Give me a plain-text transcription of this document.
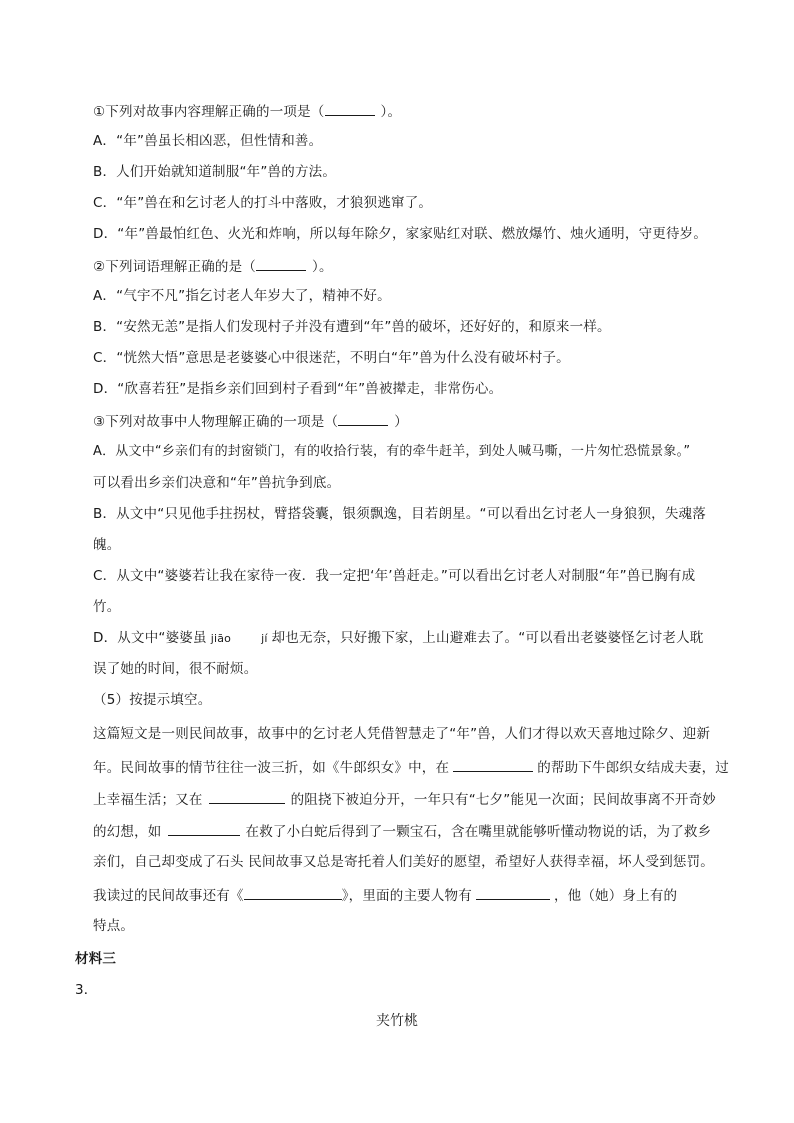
①下列对故事内容理解正确的一项是（	）。
A．“年”兽虽长相凶恶，但性情和善。
B．人们开始就知道制服“年”兽的方法。
C．“年”兽在和乞讨老人的打斗中落败，才狼狈逃窜了。
D．“年”兽最怕红色、火光和炸响，所以每年除夕，家家贴红对联、燃放爆竹、烛火通明，守更待岁。
②下列词语理解正确的是（	）。
A．“气宇不凡”指乞讨老人年岁大了，精神不好。
B．“安然无恙”是指人们发现村子并没有遭到“年”兽的破坏，还好好的，和原来一样。
C．“恍然大悟”意思是老婆婆心中很迷茫，不明白“年”兽为什么没有破坏村子。
D．“欣喜若狂”是指乡亲们回到村子看到“年”兽被撵走，非常伤心。
③下列对故事中人物理解正确的一项是（	）
A．从文中“乡亲们有的封窗锁门，有的收拾行装，有的牵牛赶羊，到处人喊马嘶，一片匆忙恐慌景象。”
可以看出乡亲们决意和“年”兽抗争到底。
B．从文中“只见他手拄拐杖，臂搭袋囊，银须飘逸，目若朗星。“可以看出乞讨老人一身狼狈，失魂落
魄。
C．从文中“婆婆若让我在家待一夜．我一定把‘年’兽赶走。”可以看出乞讨老人对制服“年”兽已胸有成
竹。
D．从文中“婆婆虽 jiāo	jí 却也无奈，只好搬下家，上山避难去了。“可以看出老婆婆怪乞讨老人耽
误了她的时间，很不耐烦。
（5）按提示填空。
这篇短文是一则民间故事，故事中的乞讨老人凭借智慧走了“年”兽，人们才得以欢天喜地过除夕、迎新
年。民间故事的情节往往一波三折，如《牛郎织女》中，在	的帮助下牛郎织女结成夫妻，过
上幸福生活；又在	的阻挠下被迫分开，一年只有“七夕”能见一次面；民间故事离不开奇妙
的幻想，如	在救了小白蛇后得到了一颗宝石，含在嘴里就能够听懂动物说的话，为了救乡
亲们，自己却变成了石头 民间故事又总是寄托着人们美好的愿望，希望好人获得幸福，坏人受到惩罚。
我读过的民间故事还有《	》，里面的主要人物有	，他（她）身上有的
特点。
材料三
3．
夹竹桃
